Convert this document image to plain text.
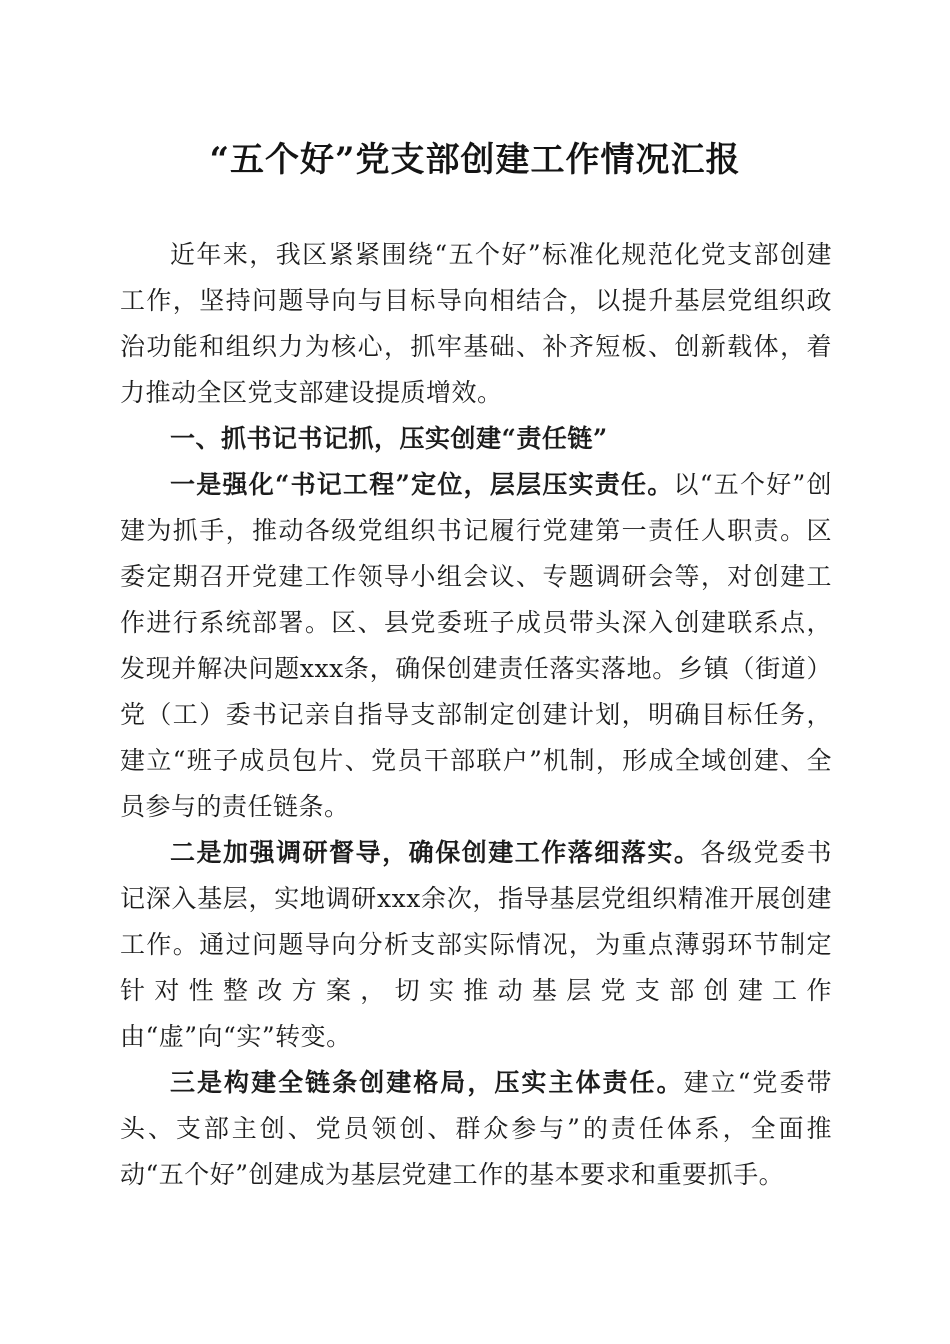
“五个好”党支部创建工作情况汇报

近年来，我区紧紧围绕“五个好”标准化规范化党支部创建工作，坚持问题导向与目标导向相结合，以提升基层党组织政治功能和组织力为核心，抓牢基础、补齐短板、创新载体，着力推动全区党支部建设提质增效。

一、抓书记书记抓，压实创建“责任链”

一是强化“书记工程”定位，层层压实责任。以“五个好”创建为抓手，推动各级党组织书记履行党建第一责任人职责。区委定期召开党建工作领导小组会议、专题调研会等，对创建工作进行系统部署。区、县党委班子成员带头深入创建联系点，发现并解决问题xxx条，确保创建责任落实落地。乡镇（街道）党（工）委书记亲自指导支部制定创建计划，明确目标任务，建立“班子成员包片、党员干部联户”机制，形成全域创建、全员参与的责任链条。

二是加强调研督导，确保创建工作落细落实。各级党委书记深入基层，实地调研xxx余次，指导基层党组织精准开展创建工作。通过问题导向分析支部实际情况，为重点薄弱环节制定针对性整改方案，切实推动基层党支部创建工作由“虚”向“实”转变。

三是构建全链条创建格局，压实主体责任。建立“党委带头、支部主创、党员领创、群众参与”的责任体系，全面推动“五个好”创建成为基层党建工作的基本要求和重要抓手。
